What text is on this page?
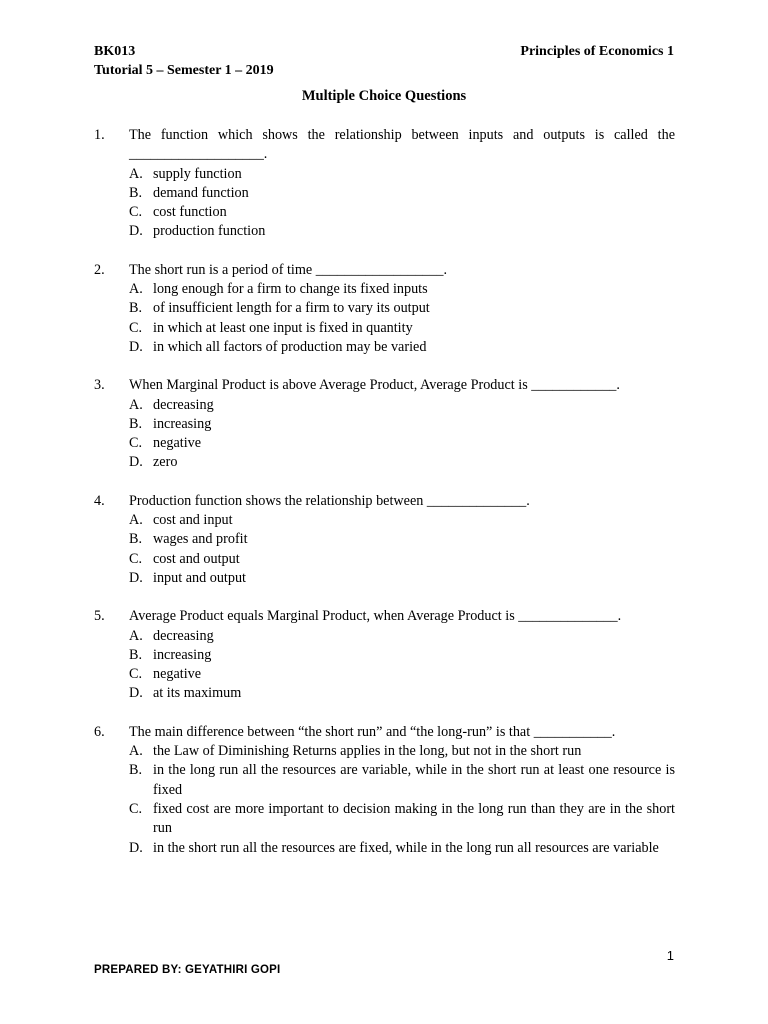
BK013
Tutorial 5 – Semester 1 – 2019
Principles of Economics 1
Multiple Choice Questions
1.	The function which shows the relationship between inputs and outputs is called the ___________________.
A. supply function
B. demand function
C. cost function
D. production function
2.	The short run is a period of time __________________.
A. long enough for a firm to change its fixed inputs
B. of insufficient length for a firm to vary its output
C. in which at least one input is fixed in quantity
D. in which all factors of production may be varied
3.	When Marginal Product is above Average Product, Average Product is ____________.
A. decreasing
B. increasing
C. negative
D. zero
4.	Production function shows the relationship between ______________.
A. cost and input
B. wages and profit
C. cost and output
D. input and output
5.	Average Product equals Marginal Product, when Average Product is ______________.
A. decreasing
B. increasing
C. negative
D. at its maximum
6.	The main difference between “the short run” and “the long-run” is that ___________.
A. the Law of Diminishing Returns applies in the long, but not in the short run
B. in the long run all the resources are variable, while in the short run at least one resource is fixed
C. fixed cost are more important to decision making in the long run than they are in the short run
D. in the short run all the resources are fixed, while in the long run all resources are variable
1
PREPARED BY: GEYATHIRI GOPI
